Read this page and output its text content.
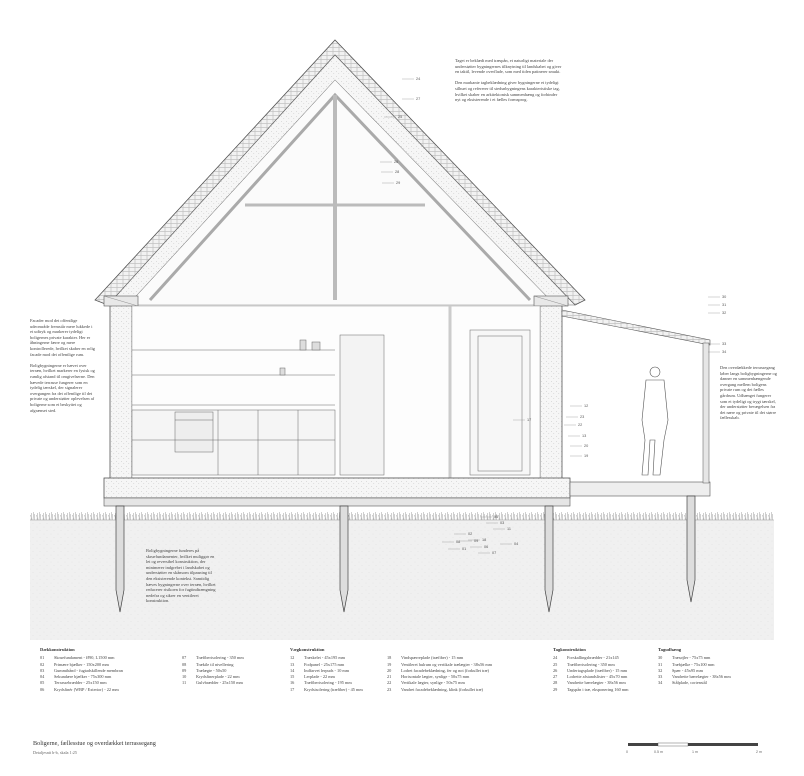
24
27
25
26
28
29
30
31
32
33
34
17
12
23
22
13
20
19
18
04
11
03
05
02
09
06
07
08
01
0	0.5 m	1 m	2 m
Taget er beklædt med træspån, et naturligt materiale der understøtter bygningernes tilknytning til landskabet og giver en taktil, levende overflade, som med tiden patinerer smukt.

Den markante tagbeklædning giver bygningerne et tydeligt silhuet og refererer til stedsnbygningens karakteristiske tag, hvilket skaber en arkitektonisk sammenhæng og forbinder nyt og eksisterende i et fælles formsprog.
Facader mod det offentlige udeområde fremstår mere lukkede i et udtryk og markerer tydeligt boligernes private karakter. Her er åbningerne færre og mere kontrollerede, hvilket skaber en rolig facade mod det offentlige rum.

Boligbygningerne er hævet over terræn, hvilket markerer en fysisk og rumlig afstand til omgivelserne. Den hævede terrasse fungerer som en tydelig tærskel, der signalerer overgangen fra det offentlige til det private og understøtter oplevelsen af boligerne som et beskyttet og afgrænset sted.
Den overdækkede terrassegang løber langs boligbygningerne og danner en sammenhængende overgang mellem boligens private rum og det fælles gårdrum. Udhænget fungerer som et tydeligt og trygt tærskel, der understøtter bevægelsen fra det nære og private til det større fællesskab.
Boligbygningerne funderes på skruefundamenter, hvilket muliggør en let og reversibel konstruktion, der minimerer indgrebet i landskabet og understøtter en skånsom tilpasning til den eksisterende kontekst. Samtidig hæves bygningerne over terræn, hvilket reducerer risikoen for fugtindtrængning nedefra og sikrer en ventileret konstruktion.
Dækkonstruktion
01	Skruefundament - Ø90, L1500 mm
02	Primære bjælker - 150x200 mm
03	Gummibånd - fugtadskillende membran
04	Sekundære bjælker - 75x300 mm
05	Terrassebrædder - 25x150 mm
06	Krydsfinér (WBP / Exterior) - 22 mm

07	Træfiberisolering - 350 mm
08	Trækile til nivellering
09	Trælægte - 50x50
10	Krydsfinerplade - 22 mm
11	Gulvbrædder - 25x150 mm
Vægkonstruktion
12	Træskelet - 45x195 mm
13	Fodpanel - 25x175 mm
14	Indfarvet lerpuds - 10 mm
15	Lerplade - 22 mm
16	Træfiberisolering - 195 mm
17	Krydsisolering (træfiber) - 45 mm

18	Vindspærreplade (træfiber) - 15 mm
19	Ventileret hulrum og vertikale trælægter - 38x56 mm
20	Lodret facadebeklædning, fer og not (forkullet træ)
21	Horisontale lægter, synlige - 50x75 mm
22	Vertikale lægter, synlige - 50x75 mm
23	Vandret facadebeklædning, klink (forkullet træ)
Tagkonstruktion
24	Forskallingsbrædder - 21x145
25	Træfiberisolering - 350 mm
26	Undertagsplade (træfiber) - 15 mm
27	Lodrette afstandslister - 45x70 mm
28	Vandrette bærelægter - 38x56 mm
29	Tagspån i træ, eksponering 160 mm
Tagudhæng
30	Træsøjler - 75x75 mm
31	Træbjælke - 75x100 mm
32	Spær - 45x95 mm
33	Vandrette bærelægter - 38x56 mm
34	Stålplade, cortenstål
Boligerne, fællesstue og overdækket terrassegang
Detaljesnit b-b, skala 1:25
